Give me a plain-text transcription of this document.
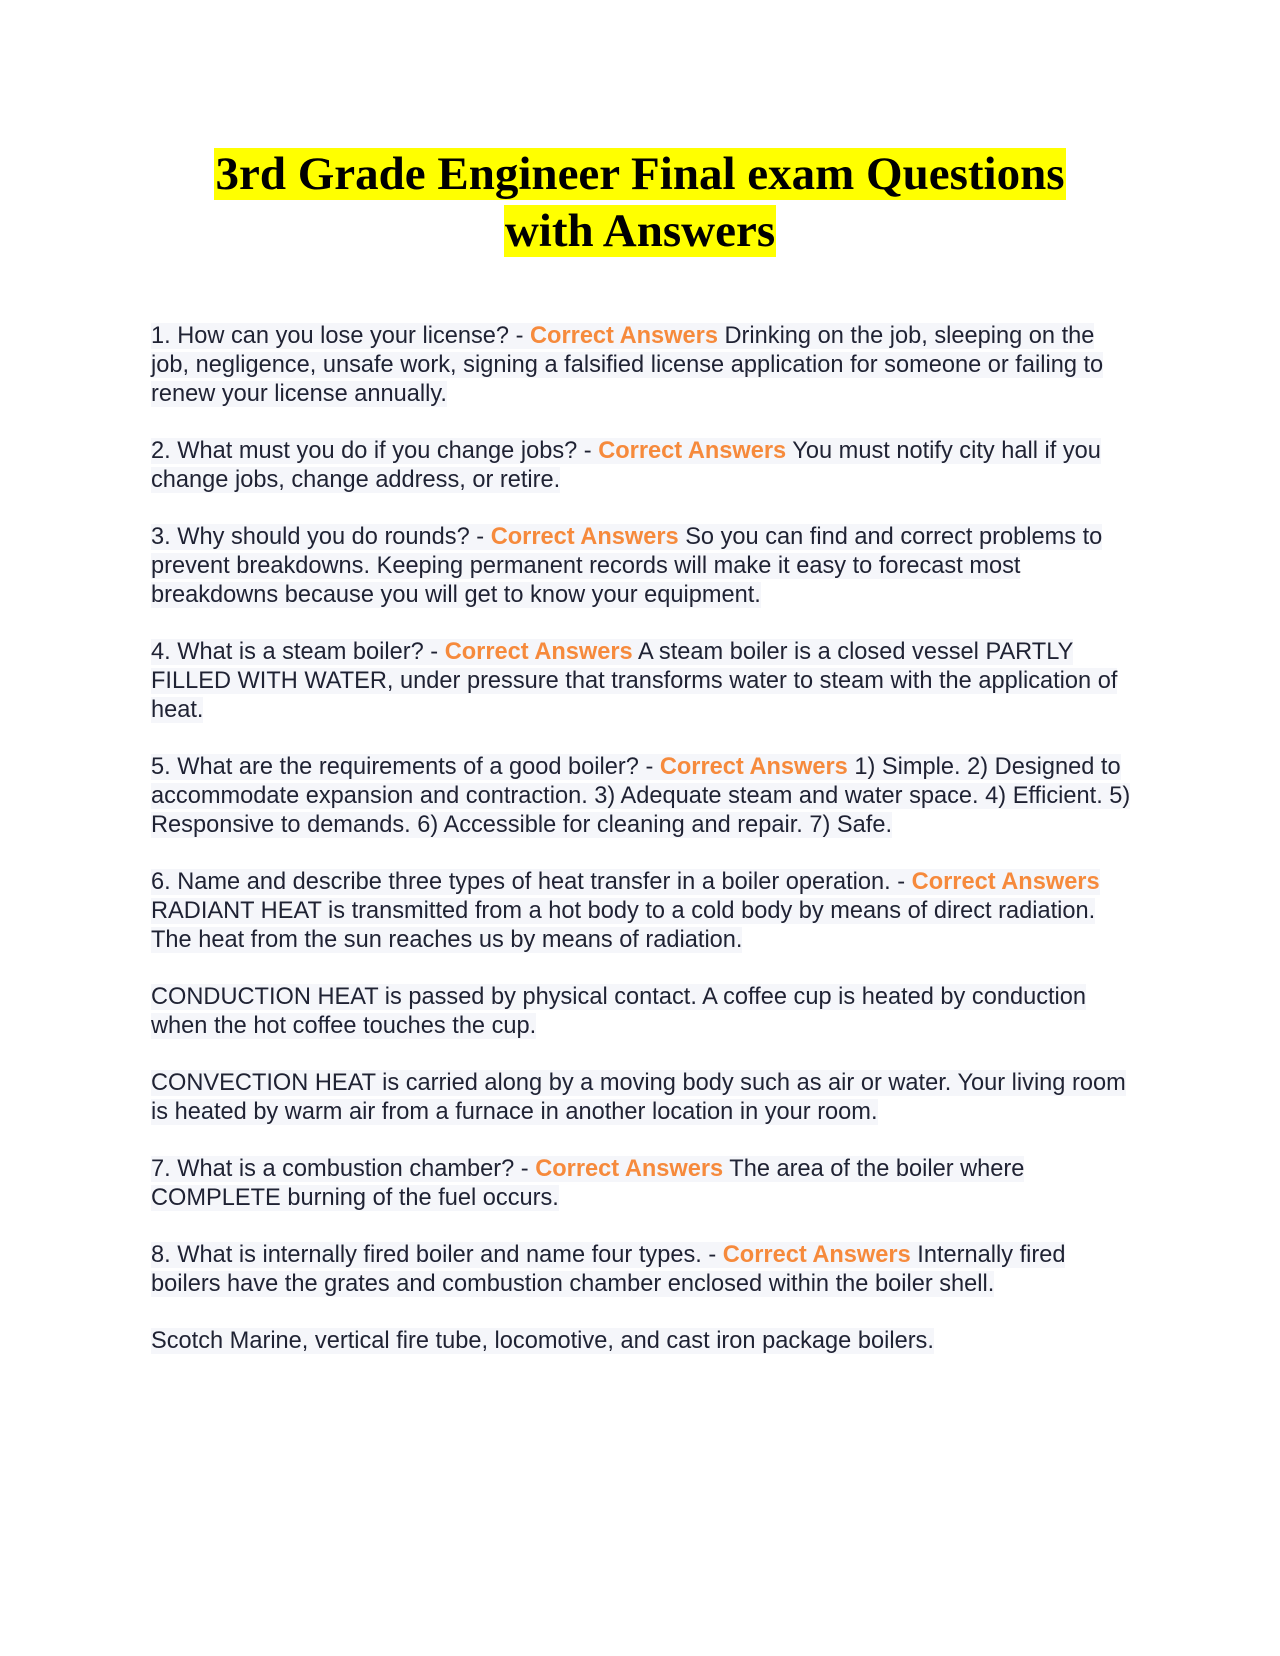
3rd Grade Engineer Final exam Questions
with Answers

1. How can you lose your license? - Correct Answers Drinking on the job, sleeping on the job, negligence, unsafe work, signing a falsified license application for someone or failing to renew your license annually.

2. What must you do if you change jobs? - Correct Answers You must notify city hall if you change jobs, change address, or retire.

3. Why should you do rounds? - Correct Answers So you can find and correct problems to prevent breakdowns. Keeping permanent records will make it easy to forecast most breakdowns because you will get to know your equipment.

4. What is a steam boiler? - Correct Answers A steam boiler is a closed vessel PARTLY FILLED WITH WATER, under pressure that transforms water to steam with the application of heat.

5. What are the requirements of a good boiler? - Correct Answers 1) Simple. 2) Designed to accommodate expansion and contraction. 3) Adequate steam and water space. 4) Efficient. 5) Responsive to demands. 6) Accessible for cleaning and repair. 7) Safe.

6. Name and describe three types of heat transfer in a boiler operation. - Correct Answers RADIANT HEAT is transmitted from a hot body to a cold body by means of direct radiation. The heat from the sun reaches us by means of radiation.

CONDUCTION HEAT is passed by physical contact. A coffee cup is heated by conduction when the hot coffee touches the cup.

CONVECTION HEAT is carried along by a moving body such as air or water. Your living room is heated by warm air from a furnace in another location in your room.

7. What is a combustion chamber? - Correct Answers The area of the boiler where COMPLETE burning of the fuel occurs.

8. What is internally fired boiler and name four types. - Correct Answers Internally fired boilers have the grates and combustion chamber enclosed within the boiler shell.

Scotch Marine, vertical fire tube, locomotive, and cast iron package boilers.
